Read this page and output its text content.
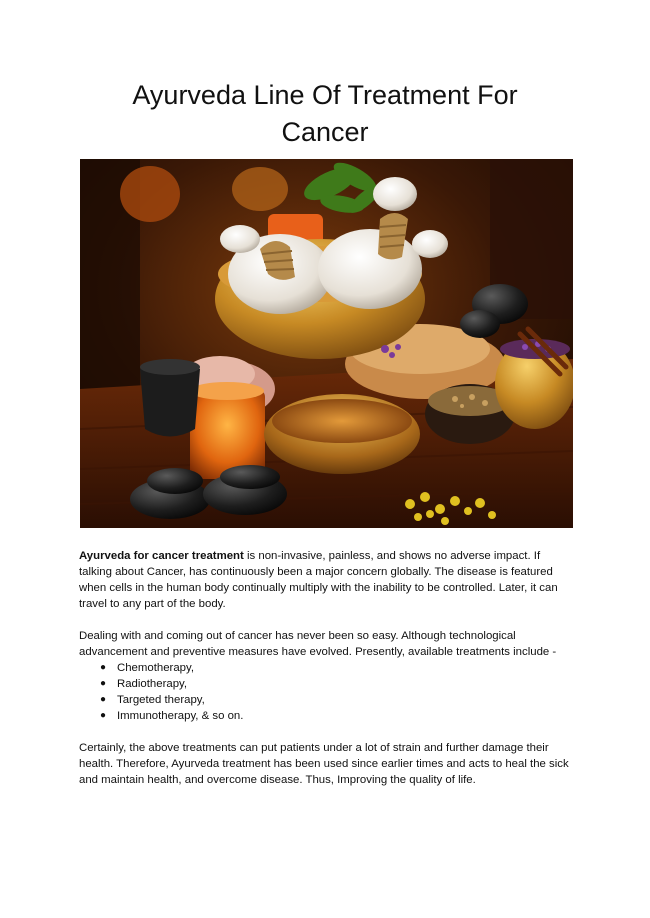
Ayurveda Line Of Treatment For
Cancer

Ayurveda for cancer treatment is non-invasive, painless, and shows no adverse impact. If talking about Cancer, has continuously been a major concern globally. The disease is featured when cells in the human body continually multiply with the inability to be controlled. Later, it can travel to any part of the body.

Dealing with and coming out of cancer has never been so easy. Although technological advancement and preventive measures have evolved. Presently, available treatments include -

● Chemotherapy,
● Radiotherapy,
● Targeted therapy,
● Immunotherapy, & so on.

Certainly, the above treatments can put patients under a lot of strain and further damage their health. Therefore, Ayurveda treatment has been used since earlier times and acts to heal the sick and maintain health, and overcome disease. Thus, Improving the quality of life.
